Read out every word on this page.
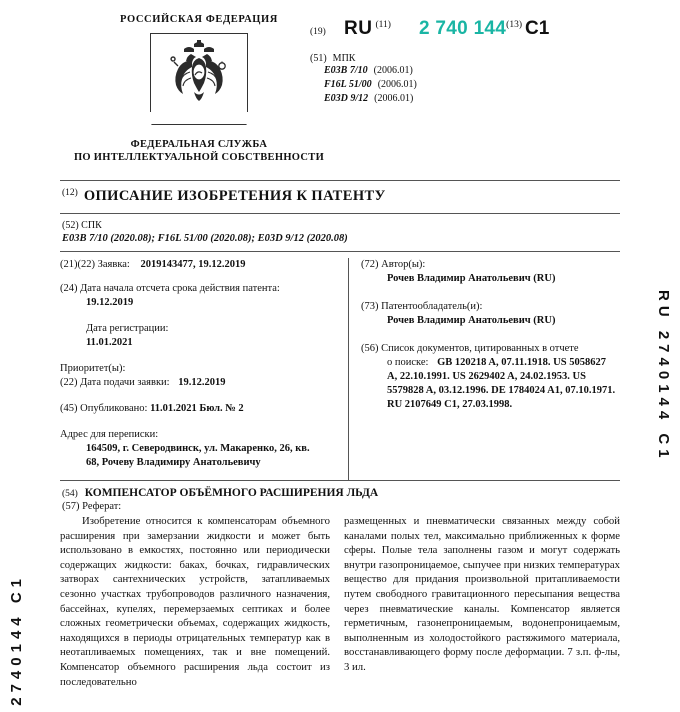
RU 2740144 C1
2740144 C1
РОССИЙСКАЯ ФЕДЕРАЦИЯ
ФЕДЕРАЛЬНАЯ СЛУЖБА
ПО ИНТЕЛЛЕКТУАЛЬНОЙ СОБСТВЕННОСТИ
(19) RU (11) 2 740 144 (13) C1
(51) МПК
E03B 7/10 (2006.01)
F16L 51/00 (2006.01)
E03D 9/12 (2006.01)
(12) ОПИСАНИЕ ИЗОБРЕТЕНИЯ К ПАТЕНТУ
(52) СПК
E03B 7/10 (2020.08); F16L 51/00 (2020.08); E03D 9/12 (2020.08)
(21)(22) Заявка: 2019143477, 19.12.2019
(24) Дата начала отсчета срока действия патента:
19.12.2019
Дата регистрации:
11.01.2021
Приоритет(ы):
(22) Дата подачи заявки: 19.12.2019
(45) Опубликовано: 11.01.2021 Бюл. № 2
Адрес для переписки:
164509, г. Северодвинск, ул. Макаренко, 26, кв.
68, Рочеву Владимиру Анатольевичу
(72) Автор(ы):
Рочев Владимир Анатольевич (RU)
(73) Патентообладатель(и):
Рочев Владимир Анатольевич (RU)
(56) Список документов, цитированных в отчете
о поиске: GB 120218 A, 07.11.1918. US 5058627
A, 22.10.1991. US 2629402 A, 24.02.1953. US
5579828 A, 03.12.1996. DE 1784024 A1, 07.10.1971.
RU 2107649 C1, 27.03.1998.
(54) КОМПЕНСАТОР ОБЪЁМНОГО РАСШИРЕНИЯ ЛЬДА
(57) Реферат:

Изобретение относится к компенсаторам объемного расширения при замерзании жидкости и может быть использовано в емкостях, постоянно или периодически содержащих жидкости: баках, бочках, гидравлических затворах сантехнических устройств, затапливаемых сезонно участках трубопроводов различного назначения, бассейнах, купелях, перемерзаемых септиках и более сложных геометрически объемах, содержащих жидкость, находящихся в периоды отрицательных температур как в неотапливаемых помещениях, так и вне помещений. Компенсатор объемного расширения льда состоит из последовательно

размещенных и пневматически связанных между собой каналами полых тел, максимально приближенных к форме сферы. Полые тела заполнены газом и могут содержать внутри газопроницаемое, сыпучее при низких температурах вещество для придания произвольной притапливаемости путем свободного гравитационного пересыпания вещества через пневматические каналы. Компенсатор является герметичным, газонепроницаемым, водонепроницаемым, выполненным из холодостойкого растяжимого материала, восстанавливающего форму после деформации. 7 з.п. ф-лы, 3 ил.
